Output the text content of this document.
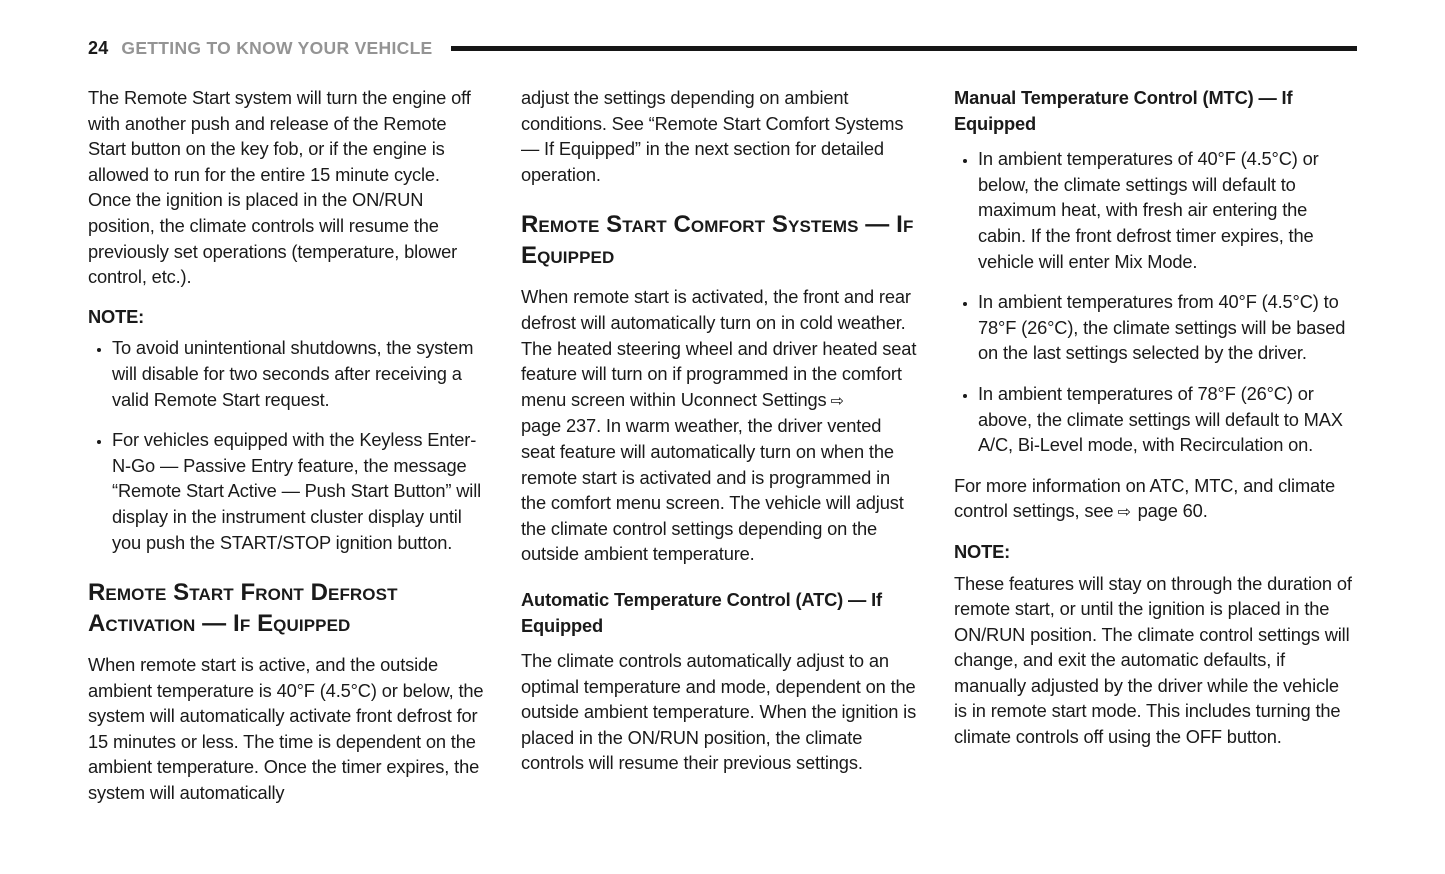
24 GETTING TO KNOW YOUR VEHICLE

The Remote Start system will turn the engine off with another push and release of the Remote Start button on the key fob, or if the engine is allowed to run for the entire 15 minute cycle. Once the ignition is placed in the ON/RUN position, the climate controls will resume the previously set operations (temperature, blower control, etc.).

NOTE:
• To avoid unintentional shutdowns, the system will disable for two seconds after receiving a valid Remote Start request.
• For vehicles equipped with the Keyless Enter-N-Go — Passive Entry feature, the message “Remote Start Active — Push Start Button” will display in the instrument cluster display until you push the START/STOP ignition button.
Remote Start Front Defrost Activation — If Equipped

When remote start is active, and the outside ambient temperature is 40°F (4.5°C) or below, the system will automatically activate front defrost for 15 minutes or less. The time is dependent on the ambient temperature. Once the timer expires, the system will automatically

adjust the settings depending on ambient conditions. See “Remote Start Comfort Systems — If Equipped” in the next section for detailed operation.

Remote Start Comfort Systems — If Equipped

When remote start is activated, the front and rear defrost will automatically turn on in cold weather. The heated steering wheel and driver heated seat feature will turn on if programmed in the comfort menu screen within Uconnect Settings ⇨ page 237. In warm weather, the driver vented seat feature will automatically turn on when the remote start is activated and is programmed in the comfort menu screen. The vehicle will adjust the climate control settings depending on the outside ambient temperature.

Automatic Temperature Control (ATC) — If Equipped

The climate controls automatically adjust to an optimal temperature and mode, dependent on the outside ambient temperature. When the ignition is placed in the ON/RUN position, the climate controls will resume their previous settings.

Manual Temperature Control (MTC) — If Equipped
• In ambient temperatures of 40°F (4.5°C) or below, the climate settings will default to maximum heat, with fresh air entering the cabin. If the front defrost timer expires, the vehicle will enter Mix Mode.
• In ambient temperatures from 40°F (4.5°C) to 78°F (26°C), the climate settings will be based on the last settings selected by the driver.
• In ambient temperatures of 78°F (26°C) or above, the climate settings will default to MAX A/C, Bi-Level mode, with Recirculation on.

For more information on ATC, MTC, and climate control settings, see ⇨ page 60.

NOTE:

These features will stay on through the duration of remote start, or until the ignition is placed in the ON/RUN position. The climate control settings will change, and exit the automatic defaults, if manually adjusted by the driver while the vehicle is in remote start mode. This includes turning the climate controls off using the OFF button.
